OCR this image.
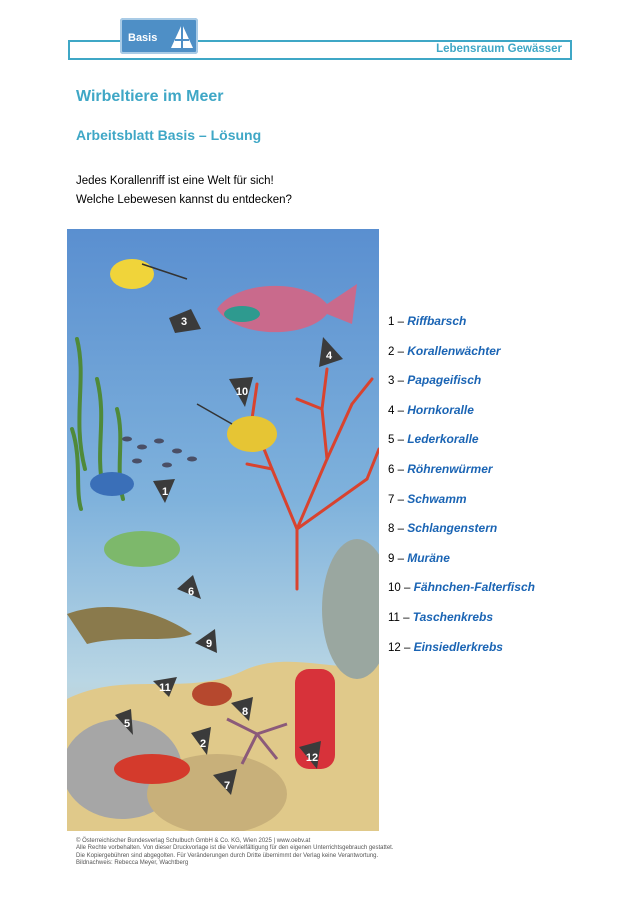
Lebensraum Gewässer
Basis
Wirbeltiere im Meer
Arbeitsblatt Basis – Lösung
Jedes Korallenriff ist eine Welt für sich!
Welche Lebewesen kannst du entdecken?
3
4
10
1
6
9
11
8
5
2
7
12
1 – Riffbarsch
2 – Korallenwächter
3 – Papageifisch
4 – Hornkoralle
5 – Lederkoralle
6 – Röhrenwürmer
7 – Schwamm
8 – Schlangenstern
9 – Muräne
10 – Fähnchen-Falterfisch
11 – Taschenkrebs
12 – Einsiedlerkrebs
© Österreichischer Bundesverlag Schulbuch GmbH & Co. KG, Wien 2025 | www.oebv.at
Alle Rechte vorbehalten. Von dieser Druckvorlage ist die Vervielfältigung für den eigenen Unterrichtsgebrauch gestattet.
Die Kopiergebühren sind abgegolten. Für Veränderungen durch Dritte übernimmt der Verlag keine Verantwortung.
Bildnachweis: Rebecca Meyer, Wachtberg
